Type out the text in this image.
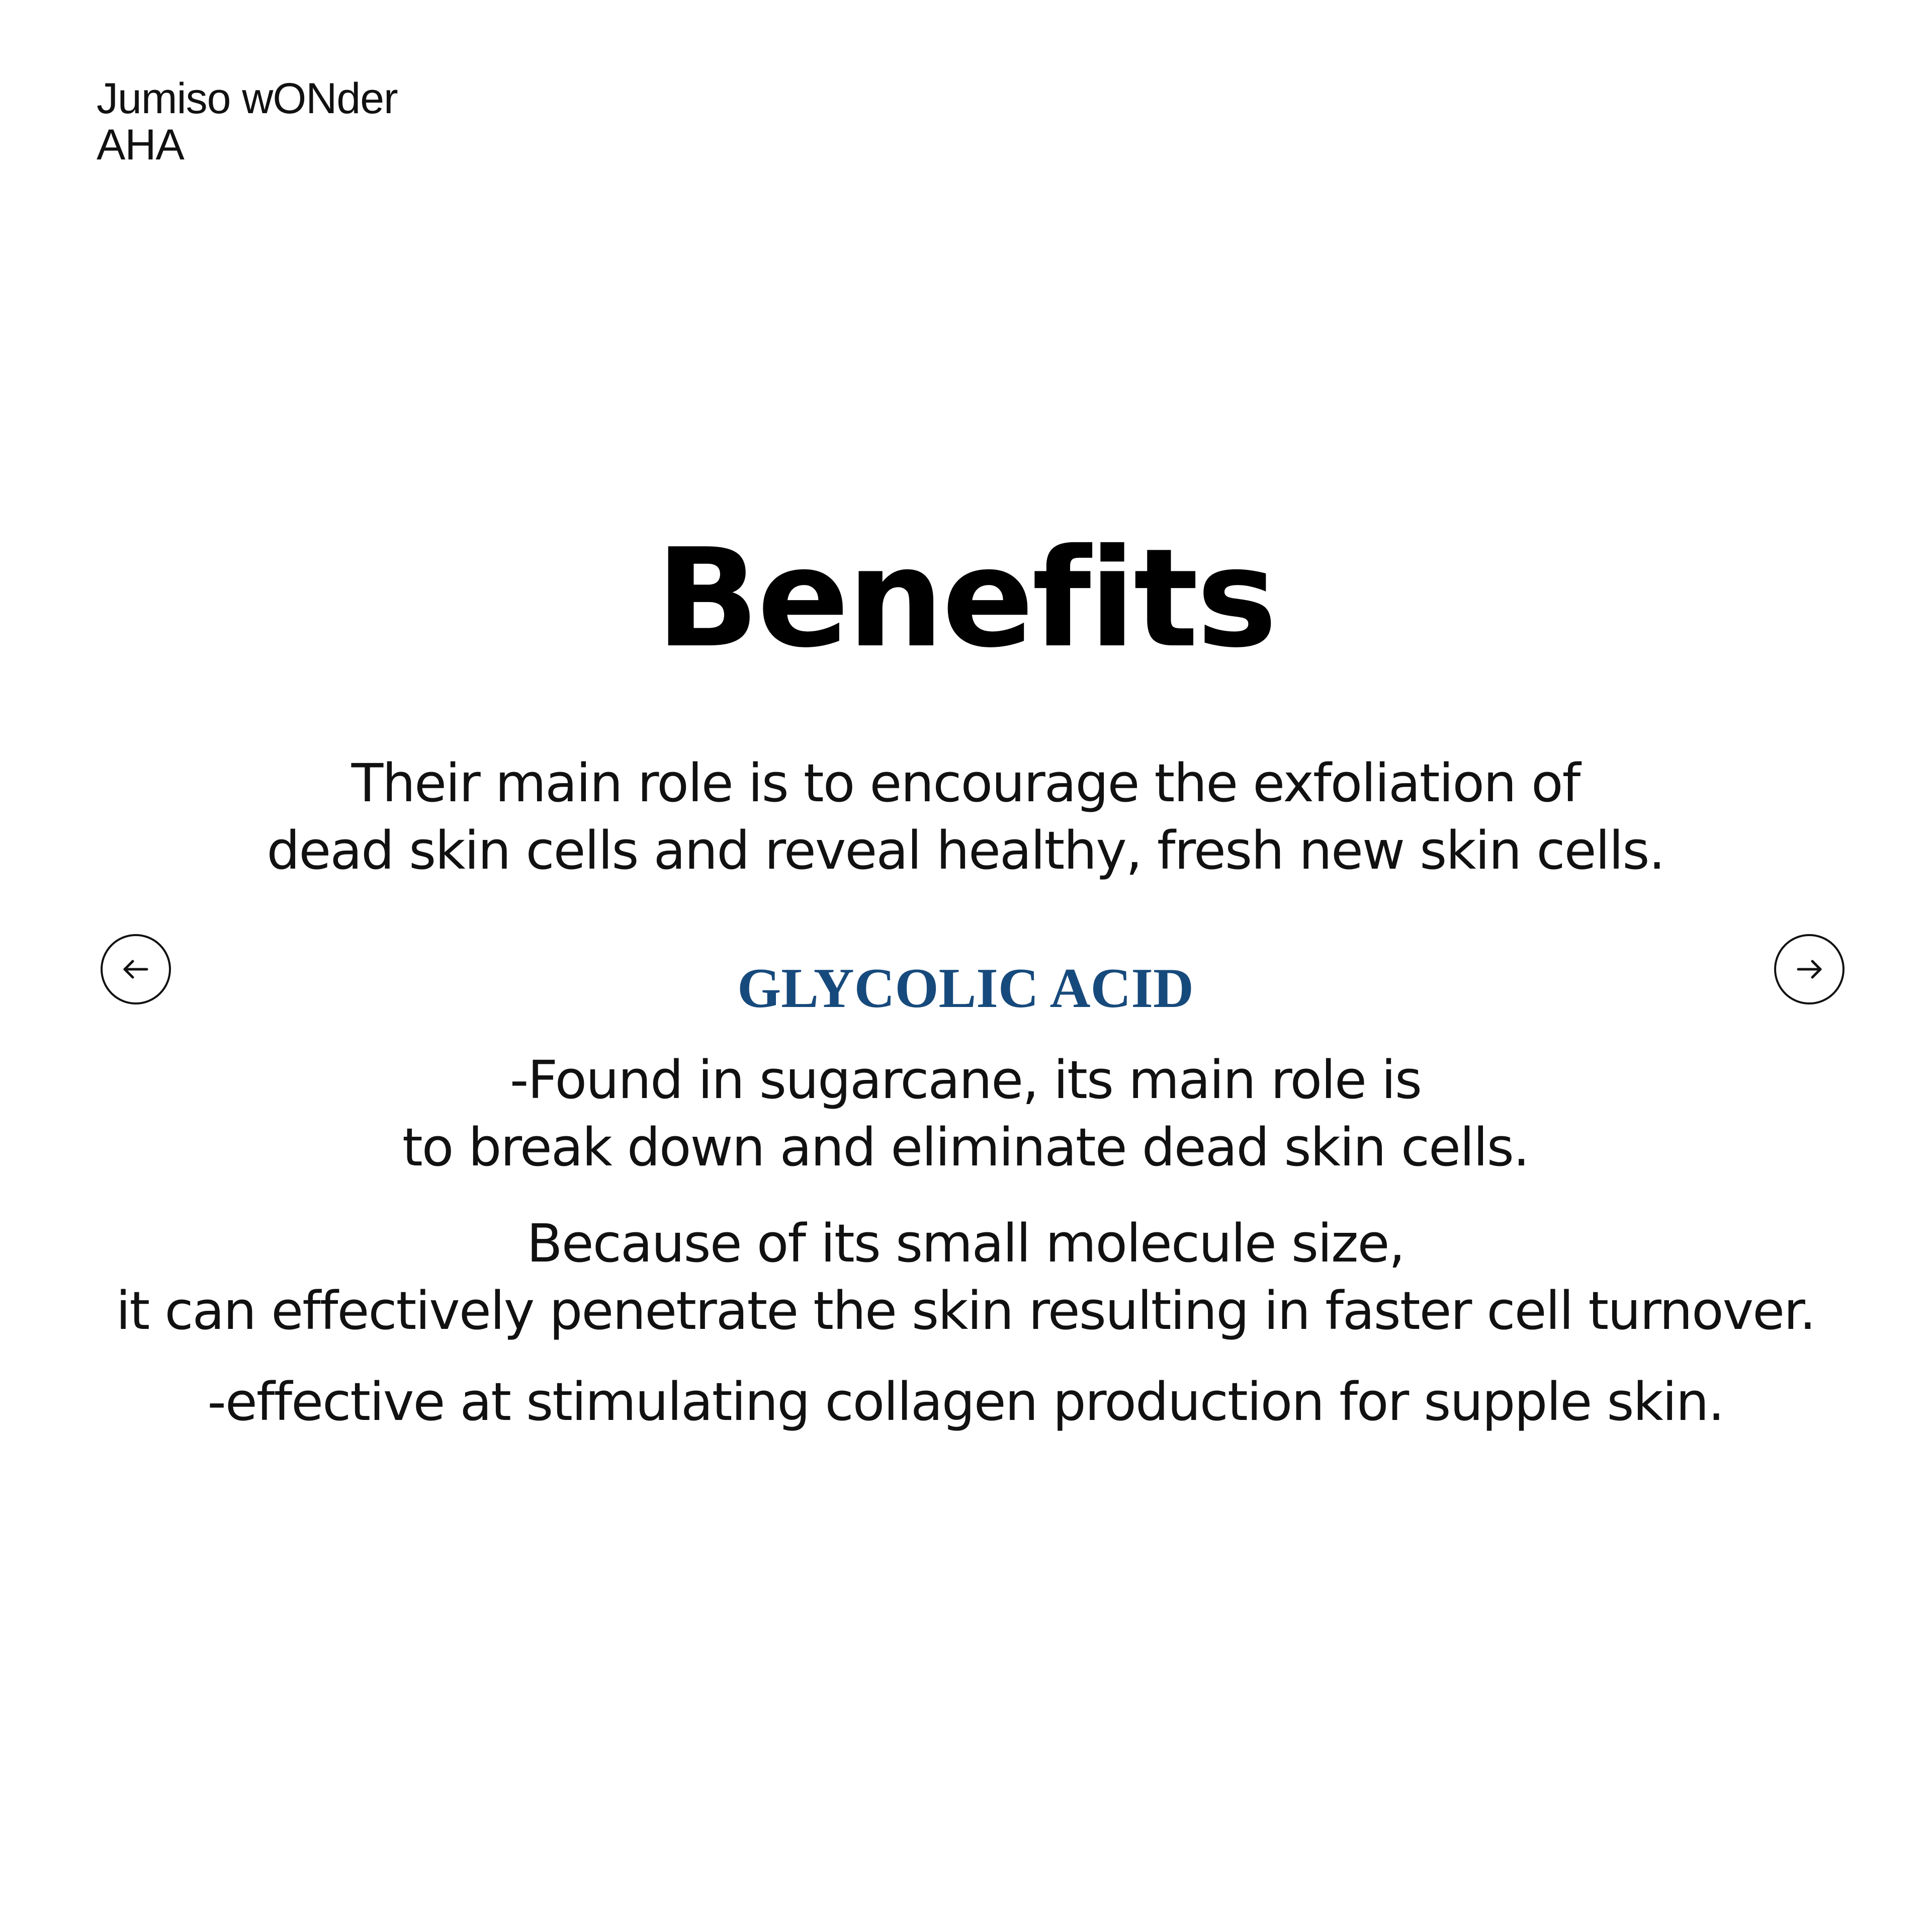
Jumiso wONder
AHA
Benefits
Their main role is to encourage the exfoliation of
dead skin cells and reveal healthy, fresh new skin cells.
GLYCOLIC ACID
-Found in sugarcane, its main role is
to break down and eliminate dead skin cells.
Because of its small molecule size,
it can effectively penetrate the skin resulting in faster cell turnover.
-effective at stimulating collagen production for supple skin.
